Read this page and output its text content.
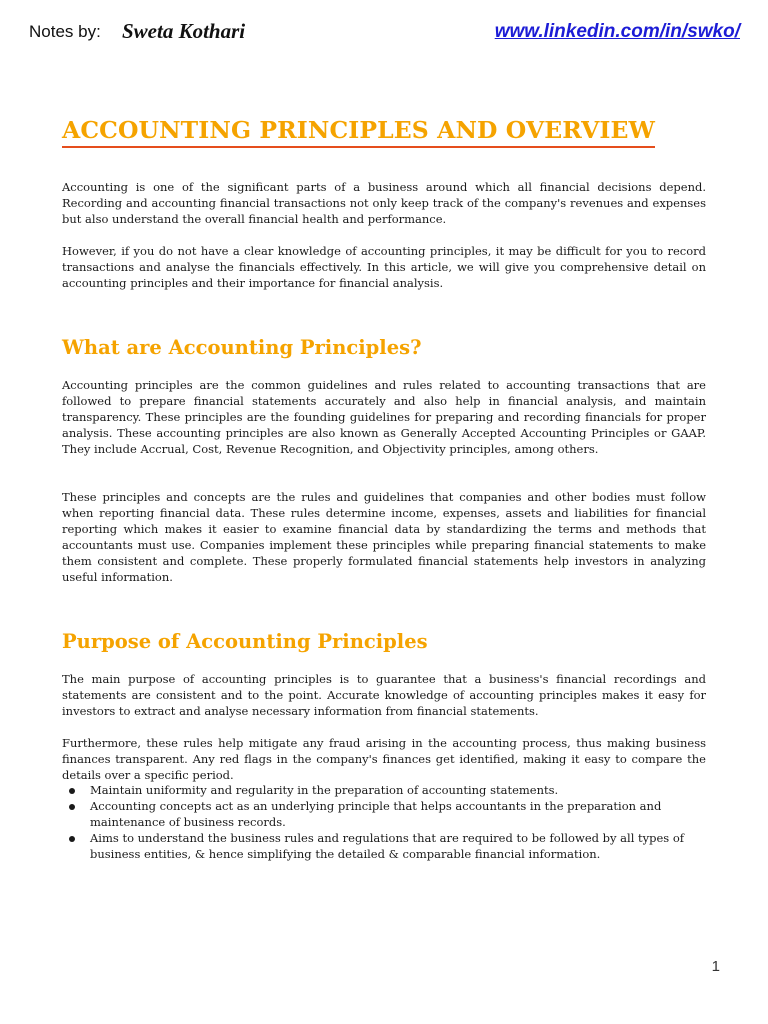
Notes by: Sweta Kothari	www.linkedin.com/in/swko/
ACCOUNTING PRINCIPLES AND OVERVIEW

Accounting is one of the significant parts of a business around which all financial decisions depend. Recording and accounting financial transactions not only keep track of the company's revenues and expenses but also understand the overall financial health and performance.

However, if you do not have a clear knowledge of accounting principles, it may be difficult for you to record transactions and analyse the financials effectively. In this article, we will give you comprehensive detail on accounting principles and their importance for financial analysis.

What are Accounting Principles?

Accounting principles are the common guidelines and rules related to accounting transactions that are followed to prepare financial statements accurately and also help in financial analysis, and maintain transparency. These principles are the founding guidelines for preparing and recording financials for proper analysis. These accounting principles are also known as Generally Accepted Accounting Principles or GAAP. They include Accrual, Cost, Revenue Recognition, and Objectivity principles, among others.

These principles and concepts are the rules and guidelines that companies and other bodies must follow when reporting financial data. These rules determine income, expenses, assets and liabilities for financial reporting which makes it easier to examine financial data by standardizing the terms and methods that accountants must use. Companies implement these principles while preparing financial statements to make them consistent and complete. These properly formulated financial statements help investors in analyzing useful information.

Purpose of Accounting Principles

The main purpose of accounting principles is to guarantee that a business's financial recordings and statements are consistent and to the point. Accurate knowledge of accounting principles makes it easy for investors to extract and analyse necessary information from financial statements.

Furthermore, these rules help mitigate any fraud arising in the accounting process, thus making business finances transparent. Any red flags in the company's finances get identified, making it easy to compare the details over a specific period.

Maintain uniformity and regularity in the preparation of accounting statements.
Accounting concepts act as an underlying principle that helps accountants in the preparation and maintenance of business records.
Aims to understand the business rules and regulations that are required to be followed by all types of business entities, & hence simplifying the detailed & comparable financial information.
1
